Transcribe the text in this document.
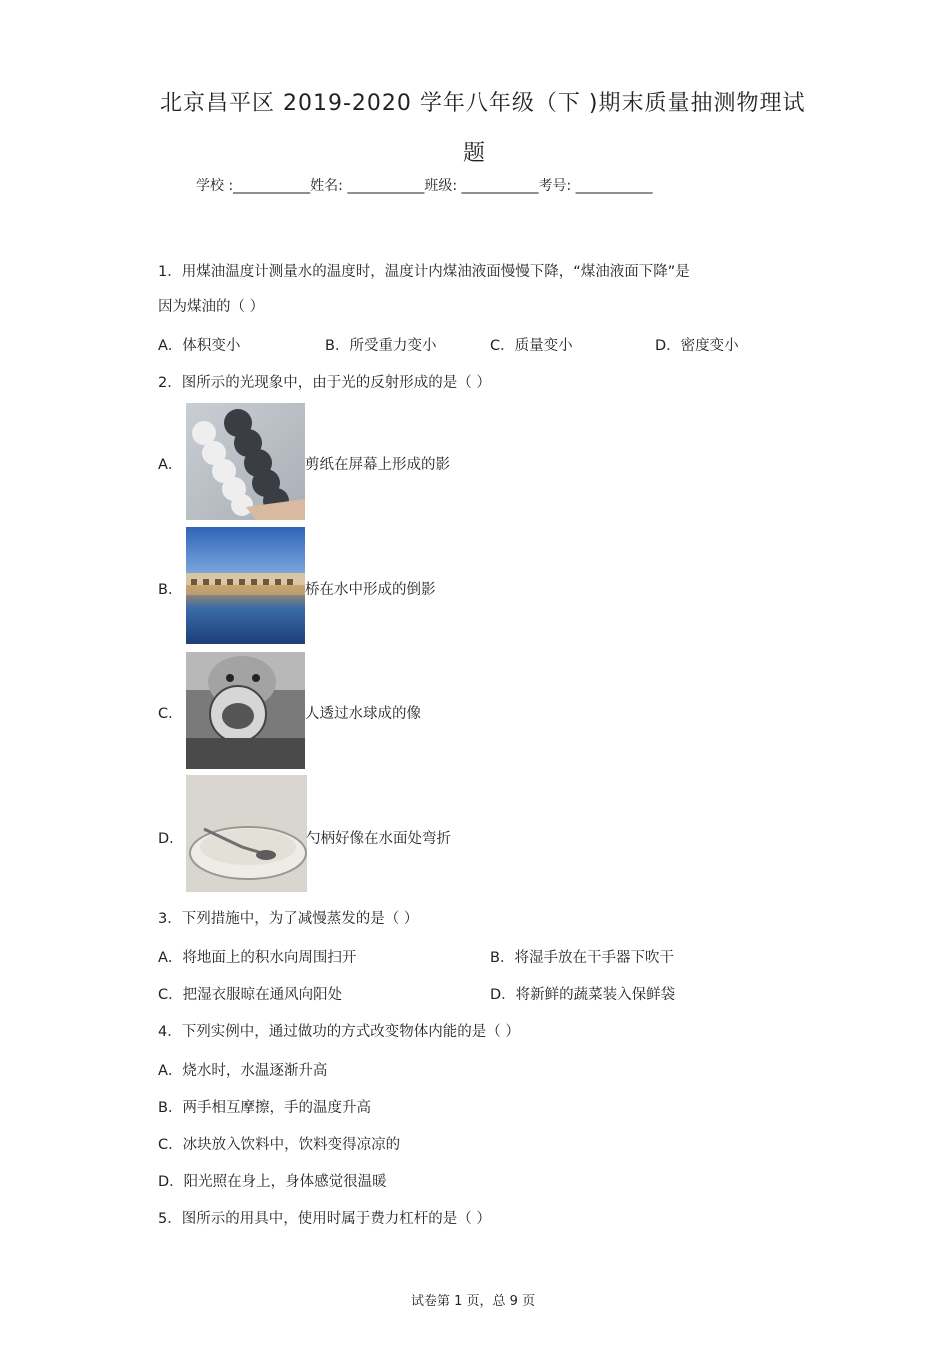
北京昌平区 2019-2020 学年八年级（下 )期末质量抽测物理试
题
学校 :___________姓名: ___________班级: ___________考号: ___________
1．用煤油温度计测量水的温度时，温度计内煤油液面慢慢下降，“煤油液面下降”是
因为煤油的（ ）
A．体积变小	B．所受重力变小	C．质量变小	D．密度变小
2．图所示的光现象中，由于光的反射形成的是（ ）
A．	剪纸在屏幕上形成的影
B．	桥在水中形成的倒影
C．	人透过水球成的像
D．	勺柄好像在水面处弯折
3．下列措施中，为了减慢蒸发的是（ ）
A．将地面上的积水向周围扫开	B．将湿手放在干手器下吹干
C．把湿衣服晾在通风向阳处	D．将新鲜的蔬菜装入保鲜袋
4．下列实例中，通过做功的方式改变物体内能的是（ ）
A．烧水时，水温逐渐升高
B．两手相互摩擦，手的温度升高
C．冰块放入饮料中，饮料变得凉凉的
D．阳光照在身上，身体感觉很温暖
5．图所示的用具中，使用时属于费力杠杆的是（ ）
试卷第 1 页，总 9 页
